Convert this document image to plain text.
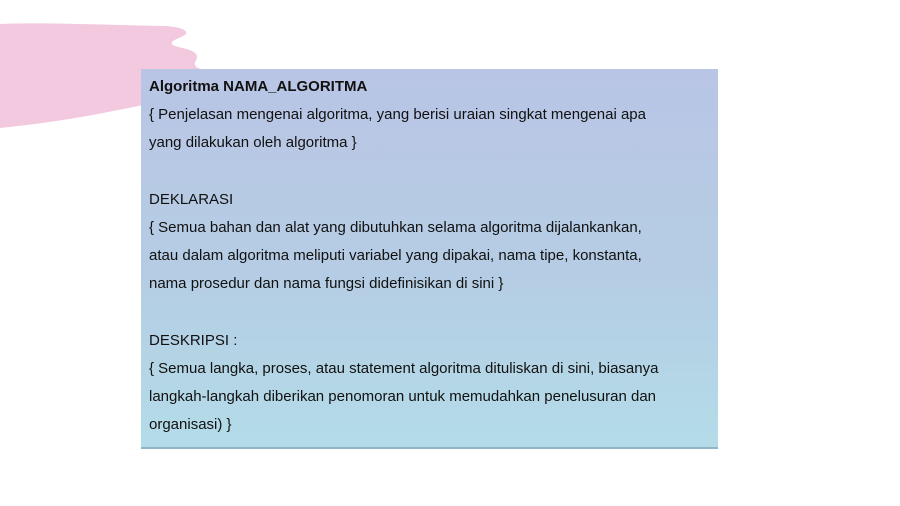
Algoritma NAMA_ALGORITMA
{ Penjelasan mengenai algoritma, yang berisi uraian singkat mengenai apa
yang dilakukan oleh algoritma }
DEKLARASI
{ Semua bahan dan alat yang dibutuhkan selama algoritma dijalankankan,
atau dalam algoritma meliputi variabel yang dipakai, nama tipe, konstanta,
nama prosedur dan nama fungsi didefinisikan di sini }
DESKRIPSI :
{ Semua langka, proses, atau statement algoritma dituliskan di sini, biasanya
langkah-langkah diberikan penomoran untuk memudahkan penelusuran dan
organisasi) }
